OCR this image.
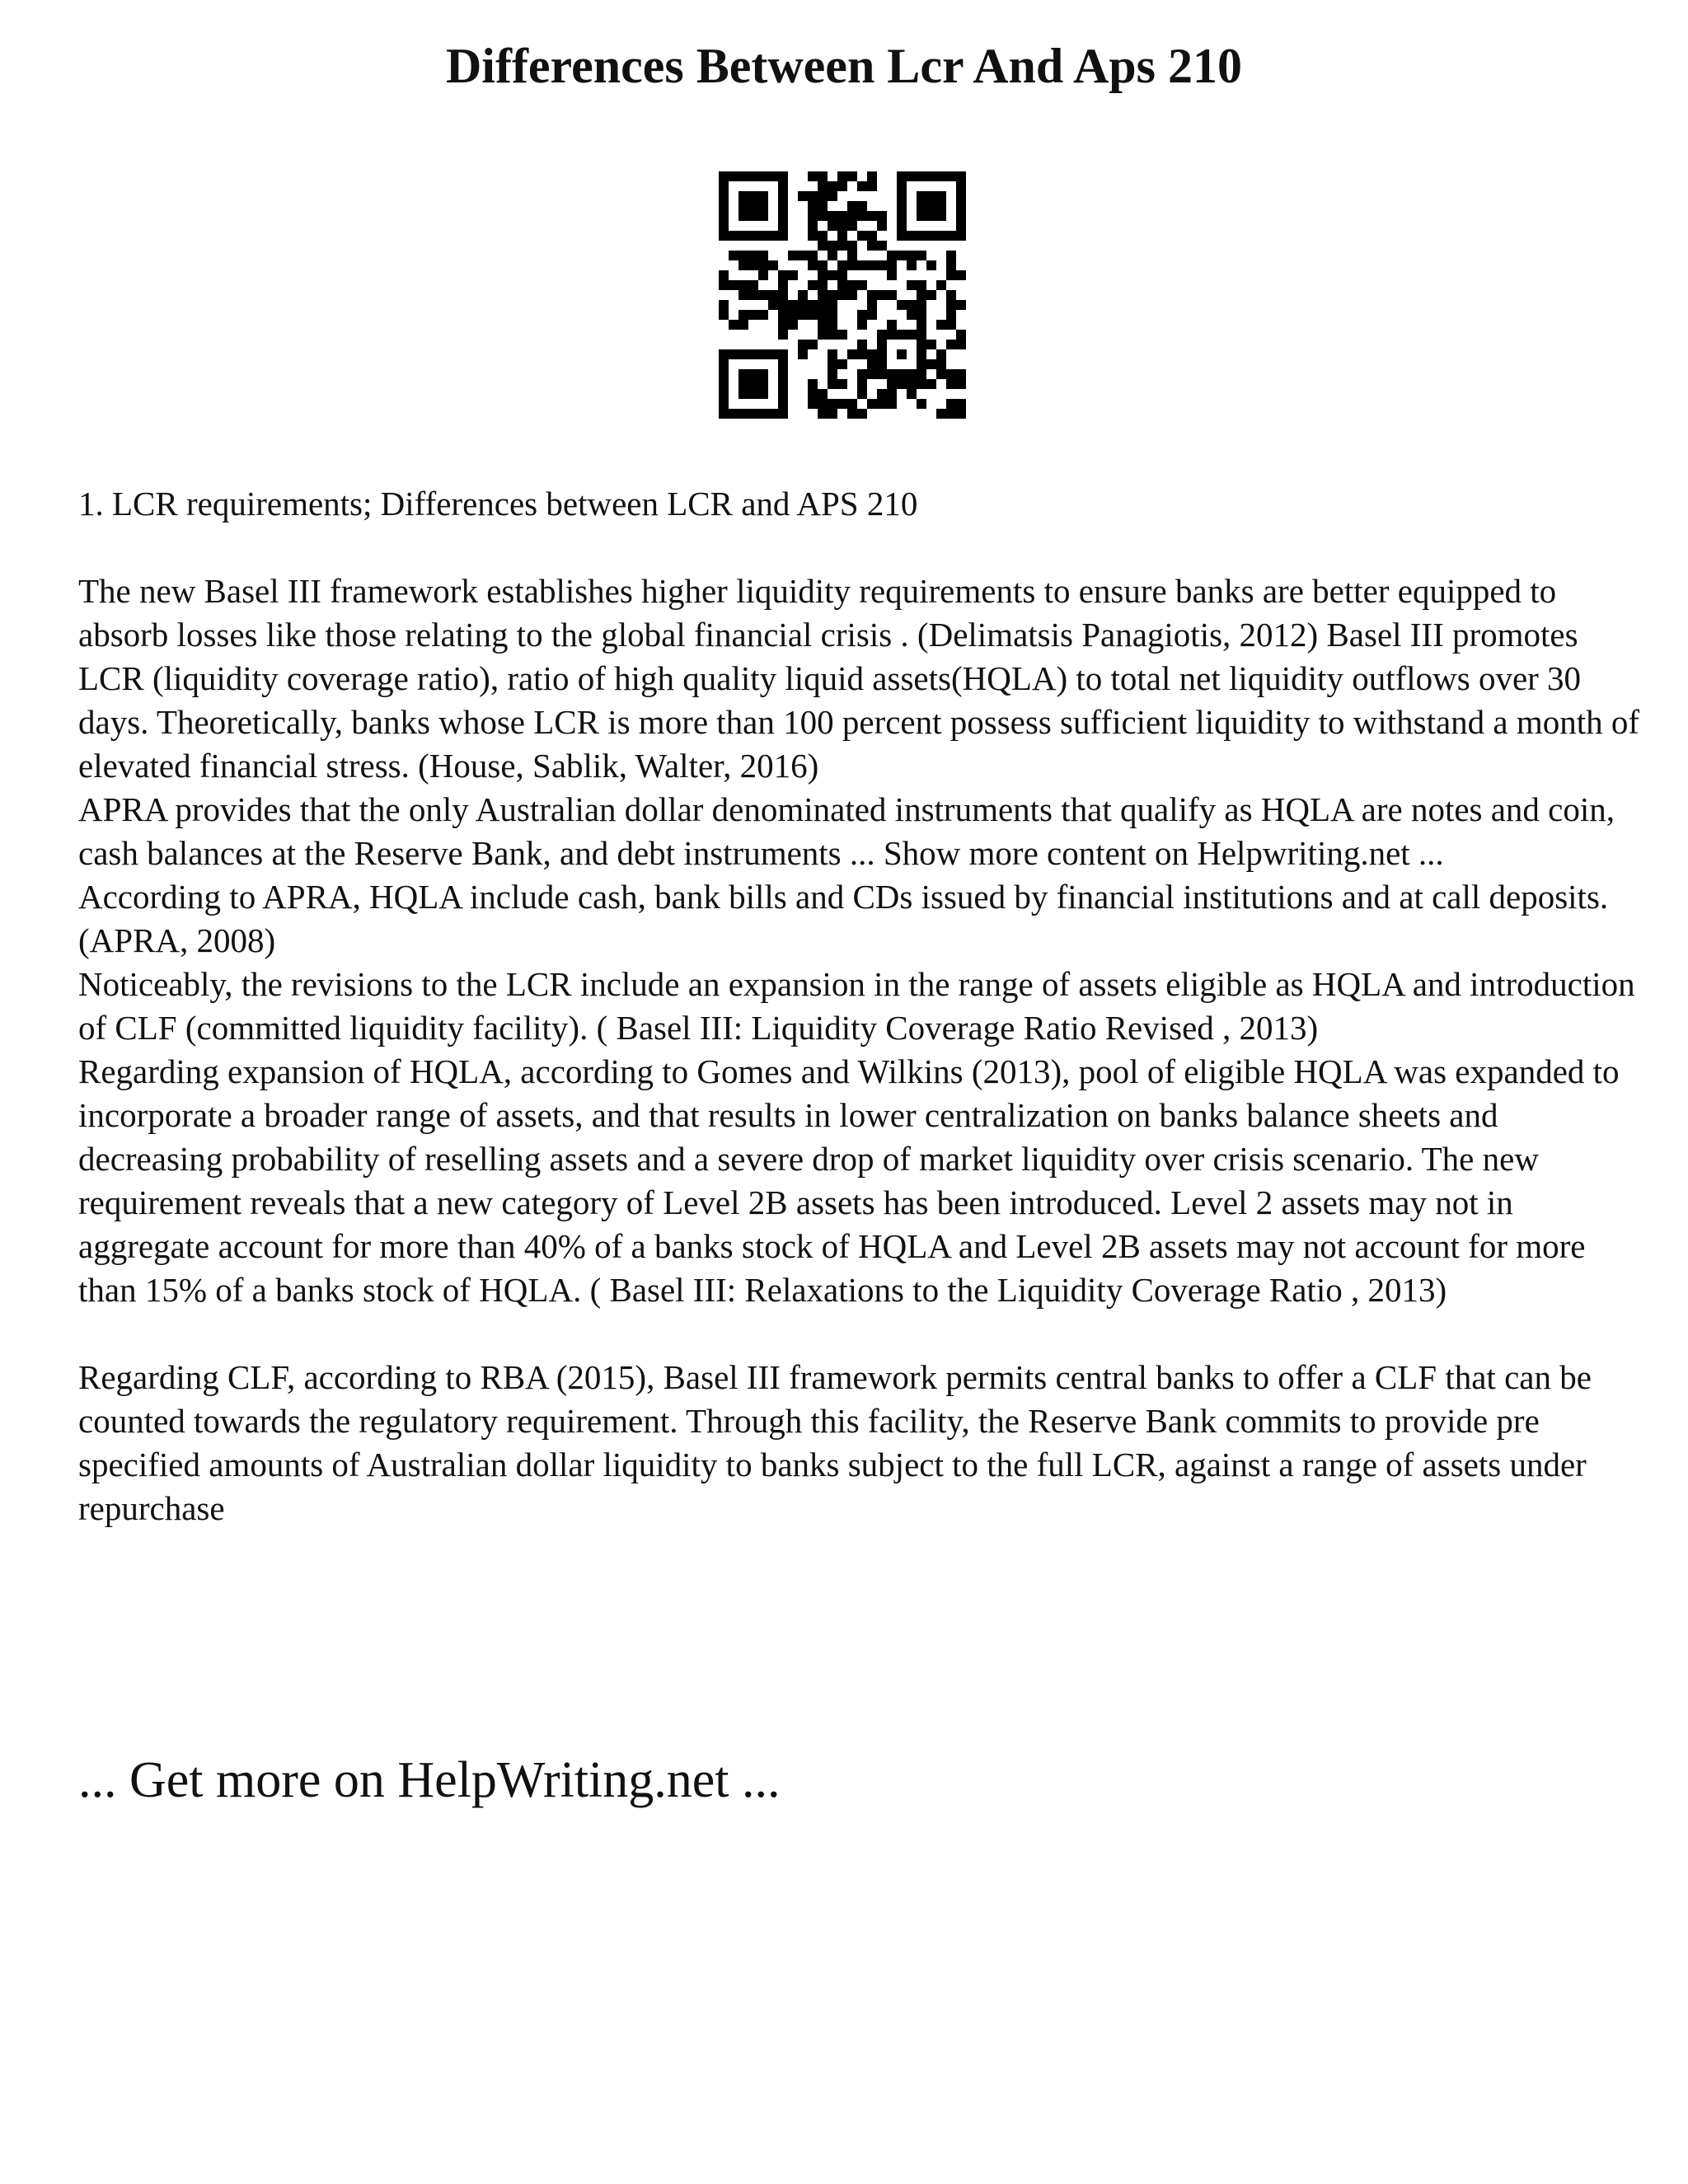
Differences Between Lcr And Aps 210

1. LCR requirements; Differences between LCR and APS 210

The new Basel III framework establishes higher liquidity requirements to ensure banks are better equipped to absorb losses like those relating to the global financial crisis . (Delimatsis Panagiotis, 2012) Basel III promotes LCR (liquidity coverage ratio), ratio of high quality liquid assets(HQLA) to total net liquidity outflows over 30 days. Theoretically, banks whose LCR is more than 100 percent possess sufficient liquidity to withstand a month of elevated financial stress. (House, Sablik, Walter, 2016)

APRA provides that the only Australian dollar denominated instruments that qualify as HQLA are notes and coin, cash balances at the Reserve Bank, and debt instruments ... Show more content on Helpwriting.net ...

According to APRA, HQLA include cash, bank bills and CDs issued by financial institutions and at call deposits. (APRA, 2008)

Noticeably, the revisions to the LCR include an expansion in the range of assets eligible as HQLA and introduction of CLF (committed liquidity facility). ( Basel III: Liquidity Coverage Ratio Revised , 2013)

Regarding expansion of HQLA, according to Gomes and Wilkins (2013), pool of eligible HQLA was expanded to incorporate a broader range of assets, and that results in lower centralization on banks balance sheets and decreasing probability of reselling assets and a severe drop of market liquidity over crisis scenario. The new requirement reveals that a new category of Level 2B assets has been introduced. Level 2 assets may not in aggregate account for more than 40% of a banks stock of HQLA and Level 2B assets may not account for more than 15% of a banks stock of HQLA. ( Basel III: Relaxations to the Liquidity Coverage Ratio , 2013)

Regarding CLF, according to RBA (2015), Basel III framework permits central banks to offer a CLF that can be counted towards the regulatory requirement. Through this facility, the Reserve Bank commits to provide pre specified amounts of Australian dollar liquidity to banks subject to the full LCR, against a range of assets under repurchase

... Get more on HelpWriting.net ...
